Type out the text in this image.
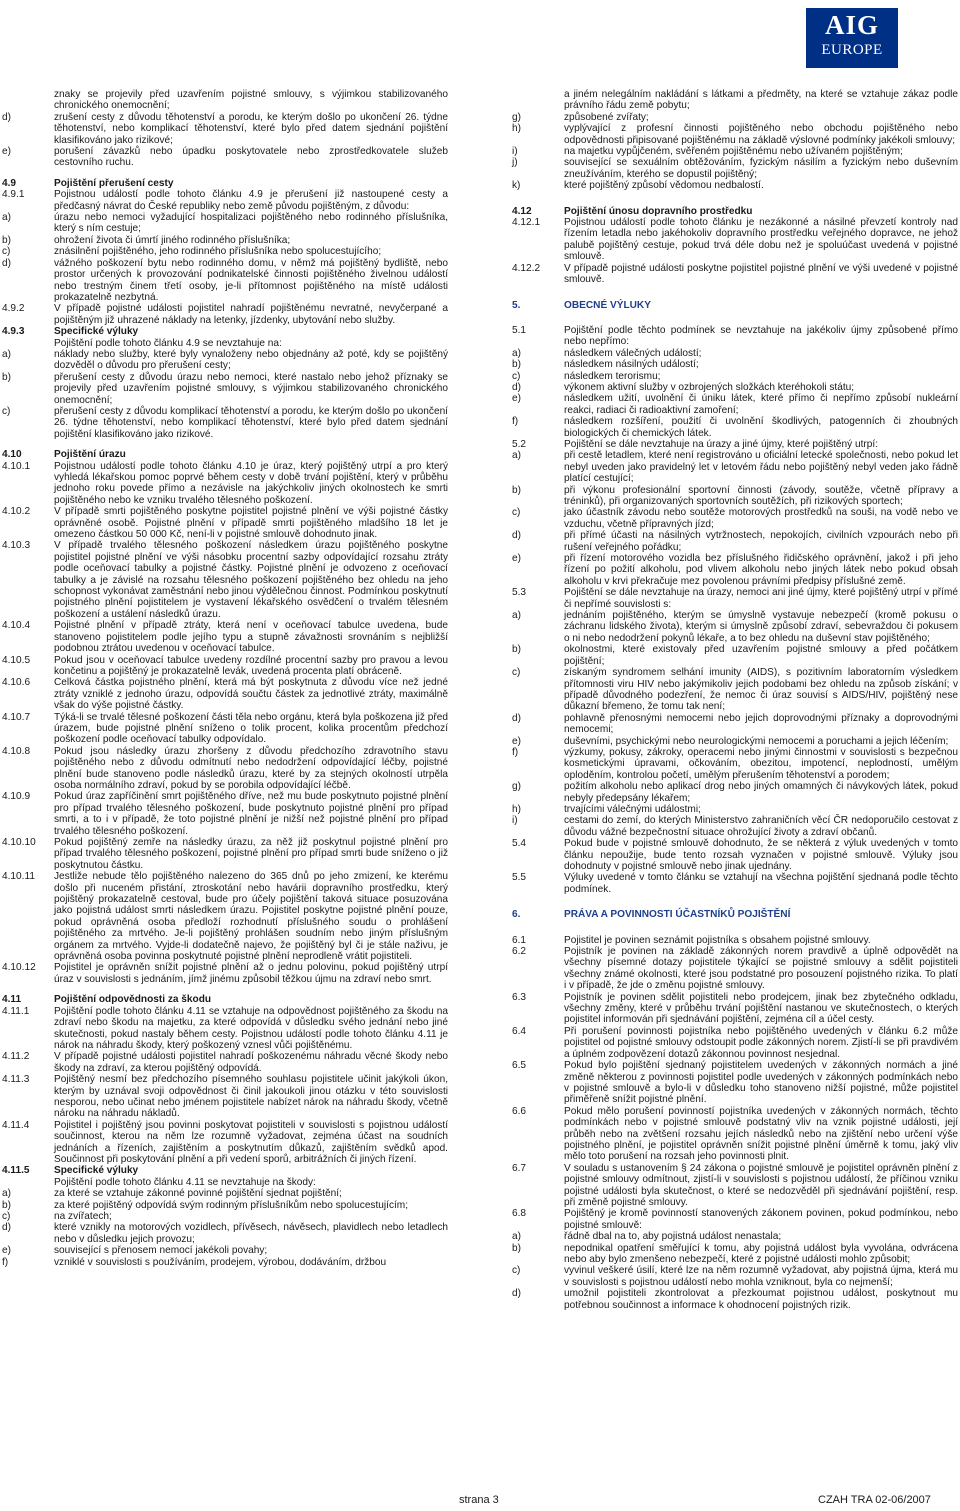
AIG
EUROPE
znaky se projevily před uzavřením pojistné smlouvy, s výjimkou stabilizovaného chronického onemocnění;
d)	zrušení cesty z důvodu těhotenství a porodu, ke kterým došlo po ukončení 26. týdne těhotenství, nebo komplikací těhotenství, které bylo před datem sjednání pojištění klasifikováno jako rizikové;
e)	porušení závazků nebo úpadku poskytovatele nebo zprostředkovatele služeb cestovního ruchu.
4.9	Pojištění přerušení cesty
4.9.1	Pojistnou událostí podle tohoto článku 4.9 je přerušení již nastoupené cesty a předčasný návrat do České republiky nebo země původu pojištěným, z důvodu:
a)	úrazu nebo nemoci vyžadující hospitalizaci pojištěného nebo rodinného příslušníka, který s ním cestuje;
b)	ohrožení života či úmrtí jiného rodinného příslušníka;
c)	znásilnění pojištěného, jeho rodinného příslušníka nebo spolucestujícího;
d)	vážného poškození bytu nebo rodinného domu, v němž má pojištěný bydliště, nebo prostor určených k provozování podnikatelské činnosti pojištěného živelnou událostí nebo trestným činem třetí osoby, je-li přítomnost pojištěného na místě události prokazatelně nezbytná.
4.9.2	V případě pojistné události pojistitel nahradí pojištěnému nevratné, nevyčerpané a pojištěným již uhrazené náklady na letenky, jízdenky, ubytování nebo služby.
4.9.3	Specifické výluky
Pojištění podle tohoto článku 4.9 se nevztahuje na:
a)	náklady nebo služby, které byly vynaloženy nebo objednány až poté, kdy se pojištěný dozvěděl o důvodu pro přerušení cesty;
b)	přerušení cesty z důvodu úrazu nebo nemoci, které nastalo nebo jehož příznaky se projevily před uzavřením pojistné smlouvy, s výjimkou stabilizovaného chronického onemocnění;
c)	přerušení cesty z důvodu komplikací těhotenství a porodu, ke kterým došlo po ukončení 26. týdne těhotenství, nebo komplikací těhotenství, které bylo před datem sjednání pojištění klasifikováno jako rizikové.
4.10	Pojištění úrazu
4.10.1 Pojistnou událostí podle tohoto článku 4.10 je úraz, který pojištěný utrpí a pro který vyhledá lékařskou pomoc poprvé během cesty v době trvání pojištění, který v průběhu jednoho roku povede přímo a nezávisle na jakýchkoliv jiných okolnostech ke smrti pojištěného nebo ke vzniku trvalého tělesného poškození.
4.10.2 V případě smrti pojištěného poskytne pojistitel pojistné plnění ve výši pojistné částky oprávněné osobě. Pojistné plnění v případě smrti pojištěného mladšího 18 let je omezeno částkou 50 000 Kč, není-li v pojistné smlouvě dohodnuto jinak.
4.10.3 V případě trvalého tělesného poškození následkem úrazu pojištěného poskytne pojistitel pojistné plnění ve výši násobku procentní sazby odpovídající rozsahu ztráty podle oceňovací tabulky a pojistné částky. Pojistné plnění je odvozeno z oceňovací tabulky a je závislé na rozsahu tělesného poškození pojištěného bez ohledu na jeho schopnost vykonávat zaměstnání nebo jinou výdělečnou činnost. Podmínkou poskytnutí pojistného plnění pojistitelem je vystavení lékařského osvědčení o trvalém tělesném poškození a ustálení následků úrazu.
4.10.4 Pojistné plnění v případě ztráty, která není v oceňovací tabulce uvedena, bude stanoveno pojistitelem podle jejího typu a stupně závažnosti srovnáním s nejbližší podobnou ztrátou uvedenou v oceňovací tabulce.
4.10.5 Pokud jsou v oceňovací tabulce uvedeny rozdílné procentní sazby pro pravou a levou končetinu a pojištěný je prokazatelně levák, uvedená procenta platí obráceně.
4.10.6 Celková částka pojistného plnění, která má být poskytnuta z důvodu více než jedné ztráty vzniklé z jednoho úrazu, odpovídá součtu částek za jednotlivé ztráty, maximálně však do výše pojistné částky.
4.10.7 Týká-li se trvalé tělesné poškození části těla nebo orgánu, která byla poškozena již před úrazem, bude pojistné plnění sníženo o tolik procent, kolika procentům předchozí poškození podle oceňovací tabulky odpovídalo.
4.10.8 Pokud jsou následky úrazu zhoršeny z důvodu předchozího zdravotního stavu pojištěného nebo z důvodu odmítnutí nebo nedodržení odpovídající léčby, pojistné plnění bude stanoveno podle následků úrazu, které by za stejných okolností utrpěla osoba normálního zdraví, pokud by se porobila odpovídající léčbě.
4.10.9 Pokud úraz zapříčinění smrt pojištěného dříve, než mu bude poskytnuto pojistné plnění pro případ trvalého tělesného poškození, bude poskytnuto pojistné plnění pro případ smrti, a to i v případě, že toto pojistné plnění je nižší než pojistné plnění pro případ trvalého tělesného poškození.
4.10.10 Pokud pojištěný zemře na následky úrazu, za něž již poskytnul pojistné plnění pro případ trvalého tělesného poškození, pojistné plnění pro případ smrti bude sníženo o již poskytnutou částku.
4.10.11 Jestliže nebude tělo pojištěného nalezeno do 365 dnů po jeho zmizení, ke kterému došlo při nuceném přistání, ztroskotání nebo havárii dopravního prostředku, který pojištěný prokazatelně cestoval, bude pro účely pojištění taková situace posuzována jako pojistná událost smrti následkem úrazu. Pojistitel poskytne pojistné plnění pouze, pokud oprávněná osoba předloží rozhodnutí příslušného soudu o prohlášení pojištěného za mrtvého. Je-li pojištěný prohlášen soudním nebo jiným příslušným orgánem za mrtvého. Vyjde-li dodatečně najevo, že pojištěný byl či je stále naživu, je oprávněná osoba povinna poskytnuté pojistné plnění neprodleně vrátit pojistiteli.
4.10.12 Pojistitel je oprávněn snížit pojistné plnění až o jednu polovinu, pokud pojištěný utrpí úraz v souvislosti s jednáním, jímž jinému způsobil těžkou újmu na zdraví nebo smrt.
4.11	Pojištění odpovědnosti za škodu
4.11.1 Pojištění podle tohoto článku 4.11 se vztahuje na odpovědnost pojištěného za škodu na zdraví nebo škodu na majetku, za které odpovídá v důsledku svého jednání nebo jiné skutečnosti, pokud nastaly během cesty. Pojistnou událostí podle tohoto článku 4.11 je nárok na náhradu škody, který poškozený vznesl vůči pojištěnému.
4.11.2 V případě pojistné události pojistitel nahradí poškozenému náhradu věcné škody nebo škody na zdraví, za kterou pojištěný odpovídá.
4.11.3 Pojištěný nesmí bez předchozího písemného souhlasu pojistitele učinit jakýkoli úkon, kterým by uznával svoji odpovědnost či činil jakoukoli jinou otázku v této souvislosti nesporou, nebo učinat nebo jménem pojistitele nabízet nárok na náhradu škody, včetně nároku na náhradu nákladů.
4.11.4 Pojistitel i pojištěný jsou povinni poskytovat pojistiteli v souvislosti s pojistnou událostí součinnost, kterou na něm lze rozumně vyžadovat, zejména účast na soudních jednáních a řízeních, zajištěním a poskytnutím důkazů, zajištěním svědků apod. Součinnost při poskytování plnění a při vedení sporů, arbitrážních či jiných řízení.
4.11.5 Specifické výluky
Pojištění podle tohoto článku 4.11 se nevztahuje na škody:
a)	za které se vztahuje zákonné povinné pojištění sjednat pojištění;
b)	za které pojištěný odpovídá svým rodinným příslušníkům nebo spolucestujícím;
c)	na zvířatech;
d)	které vznikly na motorových vozidlech, přívěsech, návěsech, plavidlech nebo letadlech nebo v důsledku jejich provozu;
e)	související s přenosem nemocí jakékoli povahy;
f)	vzniklé v souvislosti s používáním, prodejem, výrobou, dodáváním, držbou
a jiném nelegálním nakládání s látkami a předměty, na které se vztahuje zákaz podle právního řádu země pobytu;
g)	způsobené zvířaty;
h)	vyplývající z profesní činnosti pojištěného nebo obchodu pojištěného nebo odpovědnosti připisované pojištěnému na základě výslovné podmínky jakékoli smlouvy;
i)	na majetku vypůjčeném, svěřeném pojištěnému nebo užívaném pojištěným;
j)	související se sexuálním obtěžováním, fyzickým násilím a fyzickým nebo duševním zneužíváním, kterého se dopustil pojištěný;
k)	které pojištěný způsobí vědomou nedbalostí.
4.12	Pojištění únosu dopravního prostředku
4.12.1 Pojistnou událostí podle tohoto článku je nezákonné a násilné převzetí kontroly nad řízením letadla nebo jakéhokoliv dopravního prostředku veřejného dopravce, ne jehož palubě pojištěný cestuje, pokud trvá déle dobu než je spoluúčast uvedená v pojistné smlouvě.
4.12.2 V případě pojistné události poskytne pojistitel pojistné plnění ve výši uvedené v pojistné smlouvě.
5.	OBECNÉ VÝLUKY
5.1	Pojištění podle těchto podmínek se nevztahuje na jakékoliv újmy způsobené přímo nebo nepřímo:
a)	následkem válečných událostí;
b)	následkem násilných událostí;
c)	následkem terorismu;
d)	výkonem aktivní služby v ozbrojených složkách kteréhokoli státu;
e)	následkem užití, uvolnění či úniku látek, které přímo či nepřímo způsobí nukleární reakci, radiaci či radioaktivní zamoření;
f)	následkem rozšíření, použití či uvolnění škodlivých, patogenních či zhoubných biologických či chemických látek.
5.2	Pojištění se dále nevztahuje na úrazy a jiné újmy, které pojištěný utrpí:
a)	při cestě letadlem, které není registrováno u oficiální letecké společnosti, nebo pokud let nebyl uveden jako pravidelný let v letovém řádu nebo pojištěný nebyl veden jako řádně platící cestující;
b)	při výkonu profesionální sportovní činnosti (závody, soutěže, včetně přípravy a tréninků), při organizovaných sportovních soutěžích, při rizikových sportech;
c)	jako účastník závodu nebo soutěže motorových prostředků na souši, na vodě nebo ve vzduchu, včetně přípravných jízd;
d)	při přímé účasti na násilných vytržnostech, nepokojích, civilních vzpourách nebo při rušení veřejného pořádku;
e)	při řízení motorového vozidla bez příslušného řidičského oprávnění, jakož i při jeho řízení po požití alkoholu, pod vlivem alkoholu nebo jiných látek nebo pokud obsah alkoholu v krvi překračuje mez povolenou právními předpisy příslušné země.
5.3	Pojištění se dále nevztahuje na úrazy, nemoci ani jiné újmy, které pojištěný utrpí v přímé či nepřímé souvislosti s:
a)	jednáním pojištěného, kterým se úmyslně vystavuje nebezpečí (kromě pokusu o záchranu lidského života), kterým si úmyslně způsobí zdraví, sebevraždou či pokusem o ni nebo nedodržení pokynů lékaře, a to bez ohledu na duševní stav pojištěného;
b)	okolnostmi, které existovaly před uzavřením pojistné smlouvy a před počátkem pojištění;
c)	získaným syndromem selhání imunity (AIDS), s pozitivním laboratorním výsledkem přítomnosti viru HIV nebo jakýmikoliv jejich podobami bez ohledu na způsob získání; v případě důvodného podezření, že nemoc či úraz souvisí s AIDS/HIV, pojištěný nese důkazní břemeno, že tomu tak není;
d)	pohlavně přenosnými nemocemi nebo jejich doprovodnými příznaky a doprovodnými nemocemi;
e)	duševními, psychickými nebo neurologickými nemocemi a poruchami a jejich léčením;
f)	výzkumy, pokusy, zákroky, operacemi nebo jinými činnostmi v souvislosti s bezpečnou kosmetickými úpravami, očkováním, obezitou, impotencí, neplodností, umělým oploděním, kontrolou početí, umělým přerušením těhotenství a porodem;
g)	požitím alkoholu nebo aplikací drog nebo jiných omamných či návykových látek, pokud nebyly předepsány lékařem;
h)	trvajícími válečnými událostmi;
i)	cestami do zemí, do kterých Ministerstvo zahraničních věcí ČR nedoporučilo cestovat z důvodu vážné bezpečnostní situace ohrožující životy a zdraví občanů.
5.4	Pokud bude v pojistné smlouvě dohodnuto, že se některá z výluk uvedených v tomto článku nepoužije, bude tento rozsah vyznačen v pojistné smlouvě. Výluky jsou dohodnuty v pojistné smlouvě nebo jinak ujednány.
5.5	Výluky uvedené v tomto článku se vztahují na všechna pojištění sjednaná podle těchto podmínek.
6.	PRÁVA A POVINNOSTI ÚČASTNÍKŮ POJIŠTĚNÍ
6.1	Pojistitel je povinen seznámit pojistníka s obsahem pojistné smlouvy.
6.2	Pojistník je povinen na základě zákonných norem pravdivě a úplně odpovědět na všechny písemné dotazy pojistitele týkající se pojistné smlouvy a sdělit pojistiteli všechny známé okolnosti, které jsou podstatné pro posouzení pojistného rizika. To platí i v případě, že jde o změnu pojistné smlouvy.
6.3	Pojistník je povinen sdělit pojistiteli nebo prodejcem, jinak bez zbytečného odkladu, všechny změny, které v průběhu trvání pojištění nastanou ve skutečnostech, o kterých pojistitel informován při sjednávání pojištění, zejména cíl a účel cesty.
6.4	Při porušení povinnosti pojistníka nebo pojištěného uvedených v článku 6.2 může pojistitel od pojistné smlouvy odstoupit podle zákonných norem. Zjistí-li se při pravdivém a úplném zodpovězení dotazů zákonnou povinnost nesjednal.
6.5	Pokud bylo pojištění sjednaný pojistitelem uvedených v zákonných normách a jiné změně některou z povinnosti pojistitel podle uvedených v zákonných podmínkách nebo v pojistné smlouvě a bylo-li v důsledku toho stanoveno nižší pojistné, může pojistitel přiměřeně snížit pojistné plnění.
6.6	Pokud mělo porušení povinností pojistníka uvedených v zákonných normách, těchto podmínkách nebo v pojistné smlouvě podstatný vliv na vznik pojistné události, její průběh nebo na zvětšení rozsahu jejích následků nebo na zjištění nebo určení výše pojistného plnění, je pojistitel oprávněn snížit pojistné plnění úměrně k tomu, jaký vliv mělo toto porušení na rozsah jeho povinnosti plnit.
6.7	V souladu s ustanovením § 24 zákona o pojistné smlouvě je pojistitel oprávněn plnění z pojistné smlouvy odmítnout, zjistí-li v souvislosti s pojistnou událostí, že příčinou vzniku pojistné události byla skutečnost, o které se nedozvěděl při sjednávání pojištění, resp. při změně pojistné smlouvy.
6.8	Pojištěný je kromě povinností stanovených zákonem povinen, pokud podmínkou, nebo pojistné smlouvě:
a)	řádně dbal na to, aby pojistná událost nenastala;
b)	nepodnikal opatření směřující k tomu, aby pojistná událost byla vyvolána, odvrácena nebo aby bylo zmenšeno nebezpečí, které z pojistné události mohlo způsobit;
c)	vyvinul veškeré úsilí, které lze na něm rozumně vyžadovat, aby pojistná újma, která mu v souvislosti s pojistnou událostí nebo mohla vzniknout, byla co nejmenší;
d)	umožnil pojistiteli zkontrolovat a přezkoumat pojistnou událost, poskytnout mu potřebnou součinnost a informace k ohodnocení pojistných rizik.
strana 3	CZAH TRA 02-06/2007
